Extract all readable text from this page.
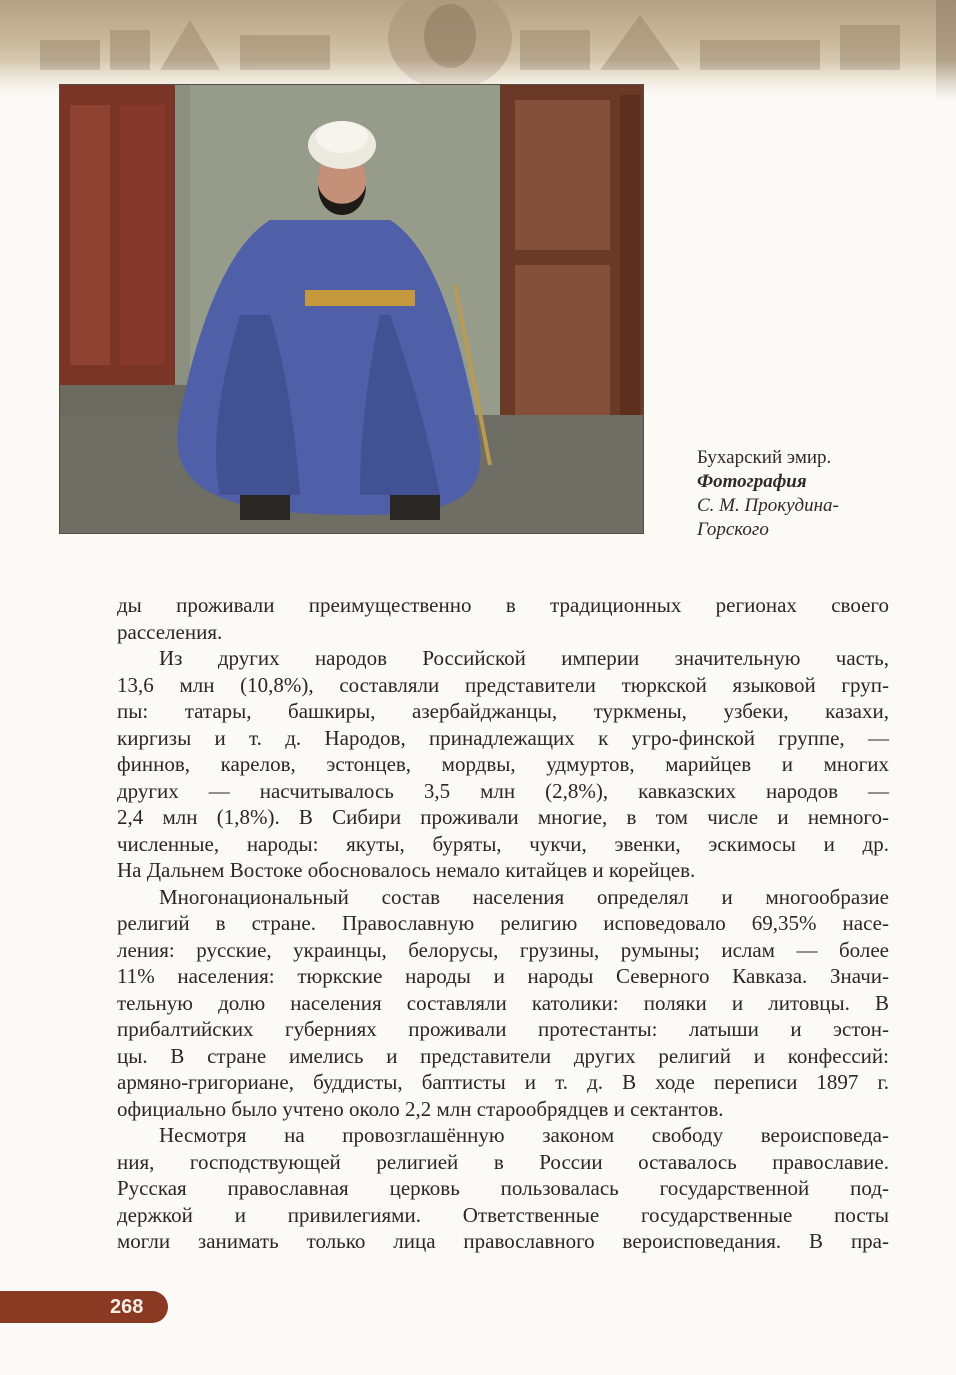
Бухарский эмир.
Фотография
С. М. Прокудина-
Горского
ды проживали преимущественно в традиционных регионах своего
расселения.
Из других народов Российской империи значительную часть,
13,6 млн (10,8%), составляли представители тюркской языковой груп-
пы: татары, башкиры, азербайджанцы, туркмены, узбеки, казахи,
киргизы и т. д. Народов, принадлежащих к угро-финской группе, —
финнов, карелов, эстонцев, мордвы, удмуртов, марийцев и многих
других — насчитывалось 3,5 млн (2,8%), кавказских народов —
2,4 млн (1,8%). В Сибири проживали многие, в том числе и немного-
численные, народы: якуты, буряты, чукчи, эвенки, эскимосы и др.
На Дальнем Востоке обосновалось немало китайцев и корейцев.
Многонациональный состав населения определял и многообразие
религий в стране. Православную религию исповедовало 69,35% насе-
ления: русские, украинцы, белорусы, грузины, румыны; ислам — более
11% населения: тюркские народы и народы Северного Кавказа. Значи-
тельную долю населения составляли католики: поляки и литовцы. В
прибалтийских губерниях проживали протестанты: латыши и эстон-
цы. В стране имелись и представители других религий и конфессий:
армяно-григориане, буддисты, баптисты и т. д. В ходе переписи 1897 г.
официально было учтено около 2,2 млн старообрядцев и сектантов.
Несмотря на провозглашённую законом свободу вероисповеда-
ния, господствующей религией в России оставалось православие.
Русская православная церковь пользовалась государственной под-
держкой и привилегиями. Ответственные государственные посты
могли занимать только лица православного вероисповедания. В пра-
268
